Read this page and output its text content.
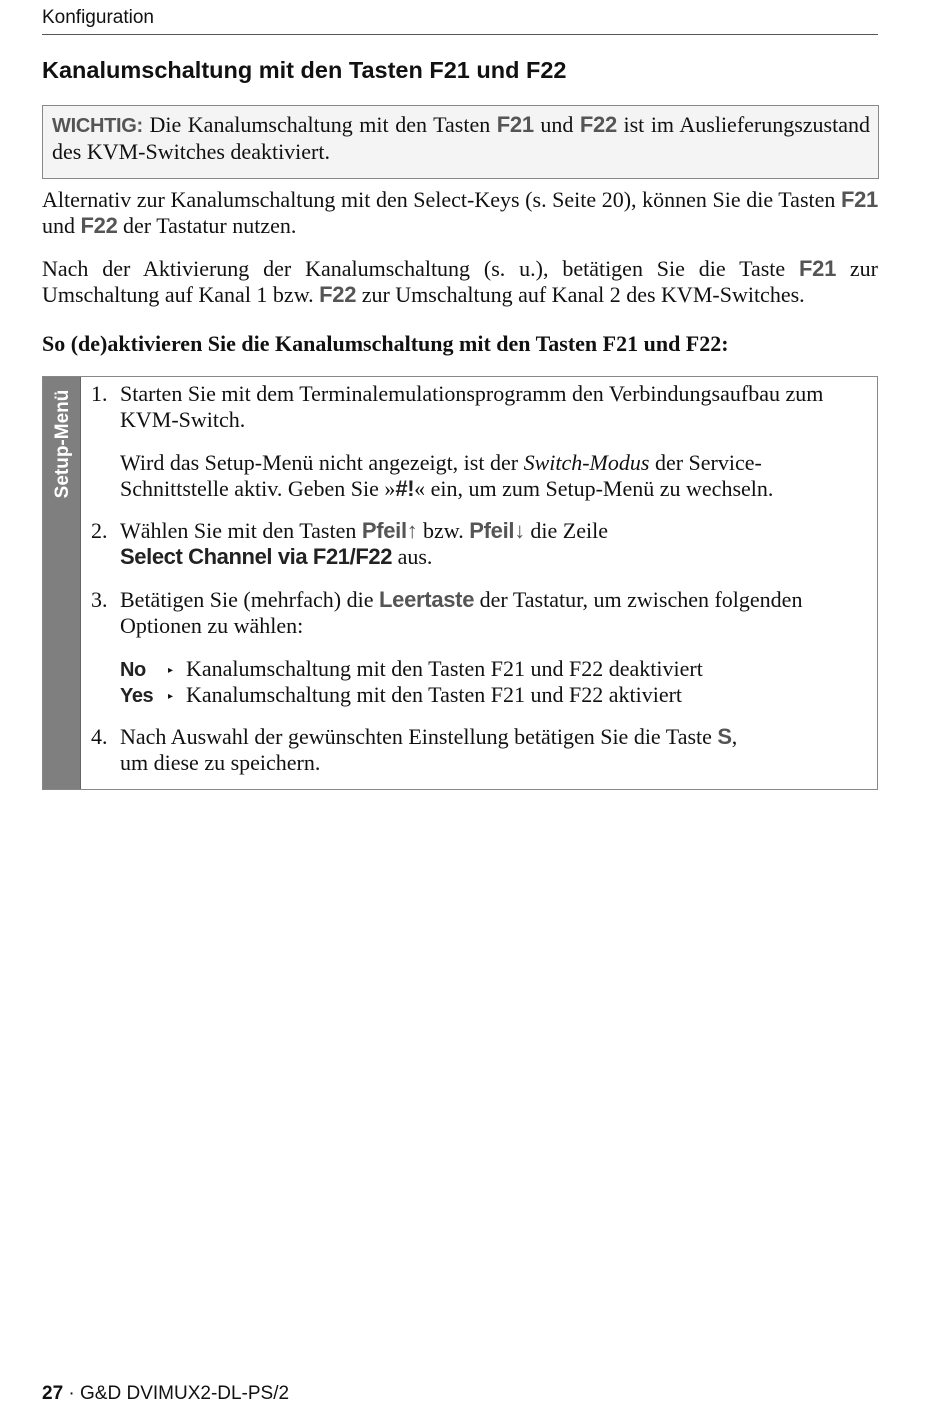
Konfiguration
Kanalumschaltung mit den Tasten F21 und F22
WICHTIG: Die Kanalumschaltung mit den Tasten F21 und F22 ist im Auslieferungszustand des KVM-Switches deaktiviert.
Alternativ zur Kanalumschaltung mit den Select-Keys (s. Seite 20), können Sie die Tasten F21 und F22 der Tastatur nutzen.
Nach der Aktivierung der Kanalumschaltung (s. u.), betätigen Sie die Taste F21 zur Umschaltung auf Kanal 1 bzw. F22 zur Umschaltung auf Kanal 2 des KVM-Switches.
So (de)aktivieren Sie die Kanalumschaltung mit den Tasten F21 und F22:
Setup-Menü 1. Starten Sie mit dem Terminalemulationsprogramm den Verbindungsaufbau zum KVM-Switch.
Wird das Setup-Menü nicht angezeigt, ist der Switch-Modus der Service-Schnittstelle aktiv. Geben Sie »#!« ein, um zum Setup-Menü zu wechseln.
2. Wählen Sie mit den Tasten Pfeil↑ bzw. Pfeil↓ die Zeile
Select Channel via F21/F22 aus.
3. Betätigen Sie (mehrfach) die Leertaste der Tastatur, um zwischen folgenden Optionen zu wählen:
No ▸ Kanalumschaltung mit den Tasten F21 und F22 deaktiviert
Yes ▸ Kanalumschaltung mit den Tasten F21 und F22 aktiviert
4. Nach Auswahl der gewünschten Einstellung betätigen Sie die Taste S,
um diese zu speichern.
27 · G&D DVIMUX2-DL-PS/2
